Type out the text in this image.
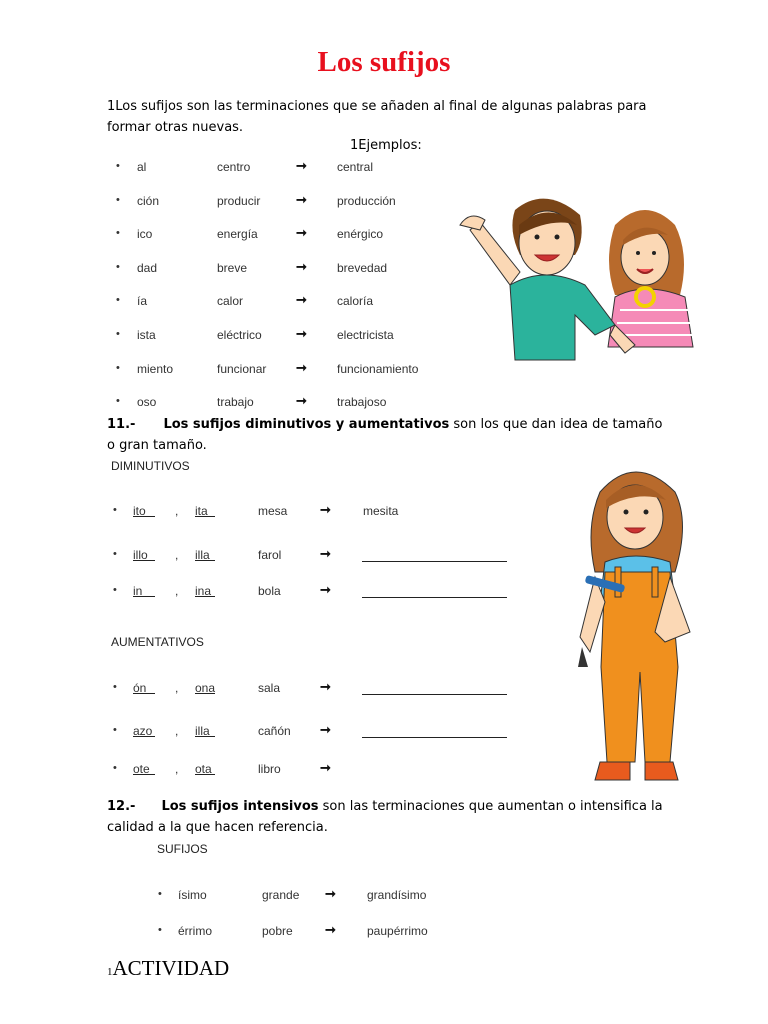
Los sufijos
1Los sufijos son las terminaciones que se añaden al final de algunas palabras para formar otras nuevas.
1Ejemplos:
• al	centro	➞	central
• ción	producir	➞	producción
• ico	energía	➞	enérgico
• dad	breve	➞	brevedad
• ía	calor	➞	caloría
• ista	eléctrico	➞	electricista
• miento	funcionar ➞	funcionamiento
• oso	trabajo	➞	trabajoso
11.- Los sufijos diminutivos y aumentativos son los que dan idea de tamaño o gran tamaño.
DIMINUTIVOS
• ito , ita	mesa	➞	mesita
• illo , illa	farol	➞
• in	, ina	bola	➞
AUMENTATIVOS
• ón , ona	sala	➞
• azo , illa	cañón ➞
• ote , ota	libro	➞
12.- Los sufijos intensivos son las terminaciones que aumentan o intensifica la calidad a la que hacen referencia.
SUFIJOS
• ísimo	grande ➞	grandísimo
• érrimo	pobre ➞	paupérrimo
1ACTIVIDAD
